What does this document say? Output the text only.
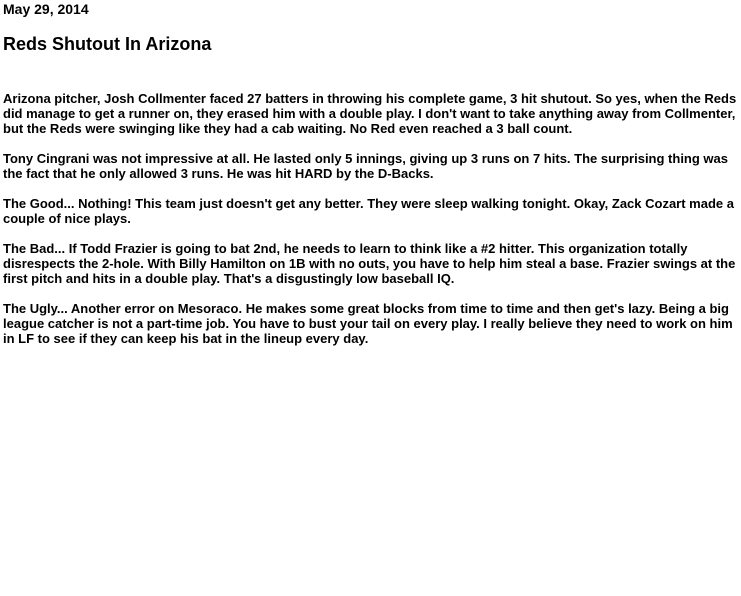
May 29, 2014
Reds Shutout In Arizona

Arizona pitcher, Josh Collmenter faced 27 batters in throwing his complete game, 3 hit shutout. So yes, when the Reds did manage to get a runner on, they erased him with a double play. I don't want to take anything away from Collmenter, but the Reds were swinging like they had a cab waiting. No Red even reached a 3 ball count.

Tony Cingrani was not impressive at all. He lasted only 5 innings, giving up 3 runs on 7 hits. The surprising thing was the fact that he only allowed 3 runs. He was hit HARD by the D-Backs.

The Good... Nothing! This team just doesn't get any better. They were sleep walking tonight. Okay, Zack Cozart made a couple of nice plays.

The Bad... If Todd Frazier is going to bat 2nd, he needs to learn to think like a #2 hitter. This organization totally disrespects the 2-hole. With Billy Hamilton on 1B with no outs, you have to help him steal a base. Frazier swings at the first pitch and hits in a double play. That's a disgustingly low baseball IQ.

The Ugly... Another error on Mesoraco. He makes some great blocks from time to time and then get's lazy. Being a big league catcher is not a part-time job. You have to bust your tail on every play. I really believe they need to work on him in LF to see if they can keep his bat in the lineup every day.
